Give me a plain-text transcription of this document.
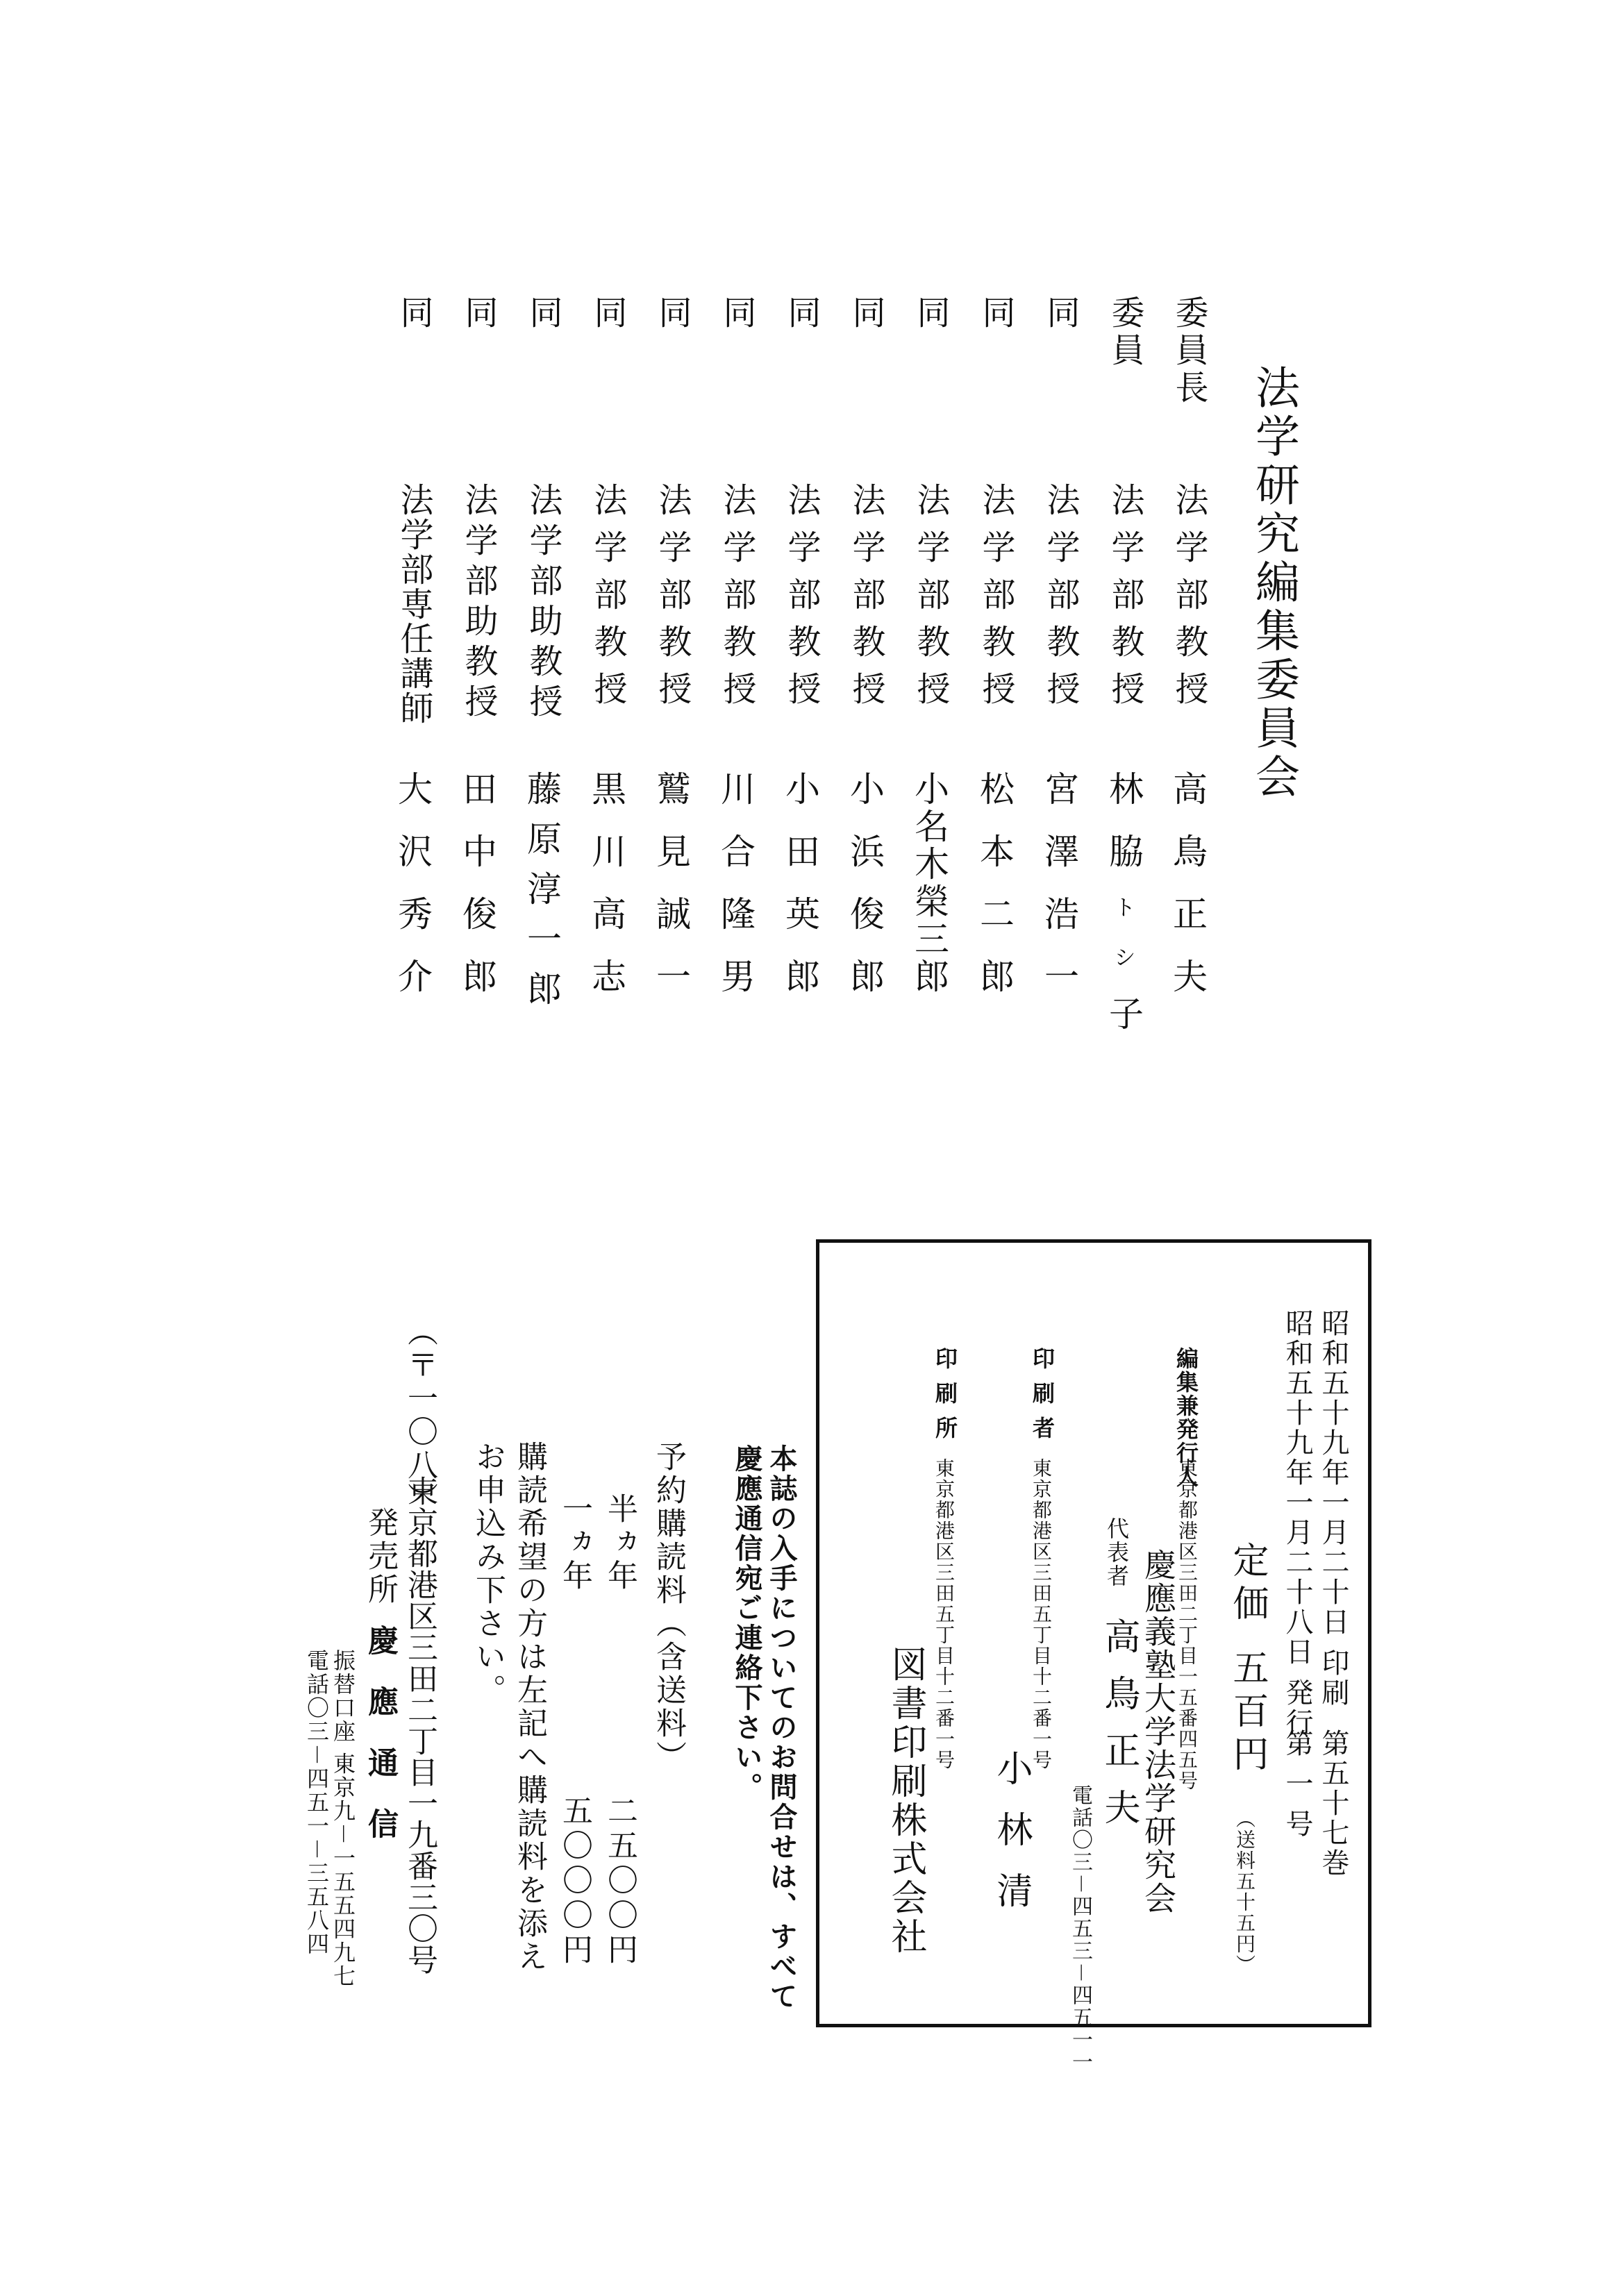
法学研究編集委員会
委員長
法学部教授
高鳥正夫
委員
法学部教授
林脇トシ子
同
法学部教授
宮澤浩一
同
法学部教授
松本二郎
同
法学部教授
小名木榮三郎
同
法学部教授
小浜俊郎
同
法学部教授
小田英郎
同
法学部教授
川合隆男
同
法学部教授
鷲見誠一
同
法学部教授
黒川高志
同
法学部助教授
藤原淳一郎
同
法学部助教授
田中俊郎
同
法学部専任講師
大沢秀介
昭和五十九年一月二十日 印刷
昭和五十九年一月二十八日 発行
第五十七巻
第一号
定価
五百円
（送料五十五円）
編集兼発行人
東京都港区三田二丁目一五番四五号
慶應義塾大学法学研究会
代表者
高鳥正夫
電話〇三－四五三－四五一一
印刷者
東京都港区三田五丁目十二番一号
小林清
印刷所
東京都港区三田五丁目十二番一号
図書印刷株式会社
本誌の入手についてのお問合せは、すべて
慶應通信宛ご連絡下さい。
予約購読料（含送料）
半ヵ年
二五〇〇円
一ヵ年
五〇〇〇円
購読希望の方は左記へ購読料を添え
お申込み下さい。
（〒一〇八）
東京都港区三田二丁目一九番三〇号
発売所
慶應通信
振替口座 東京九－一五五四九七
電話〇三－四五一－三五八四
